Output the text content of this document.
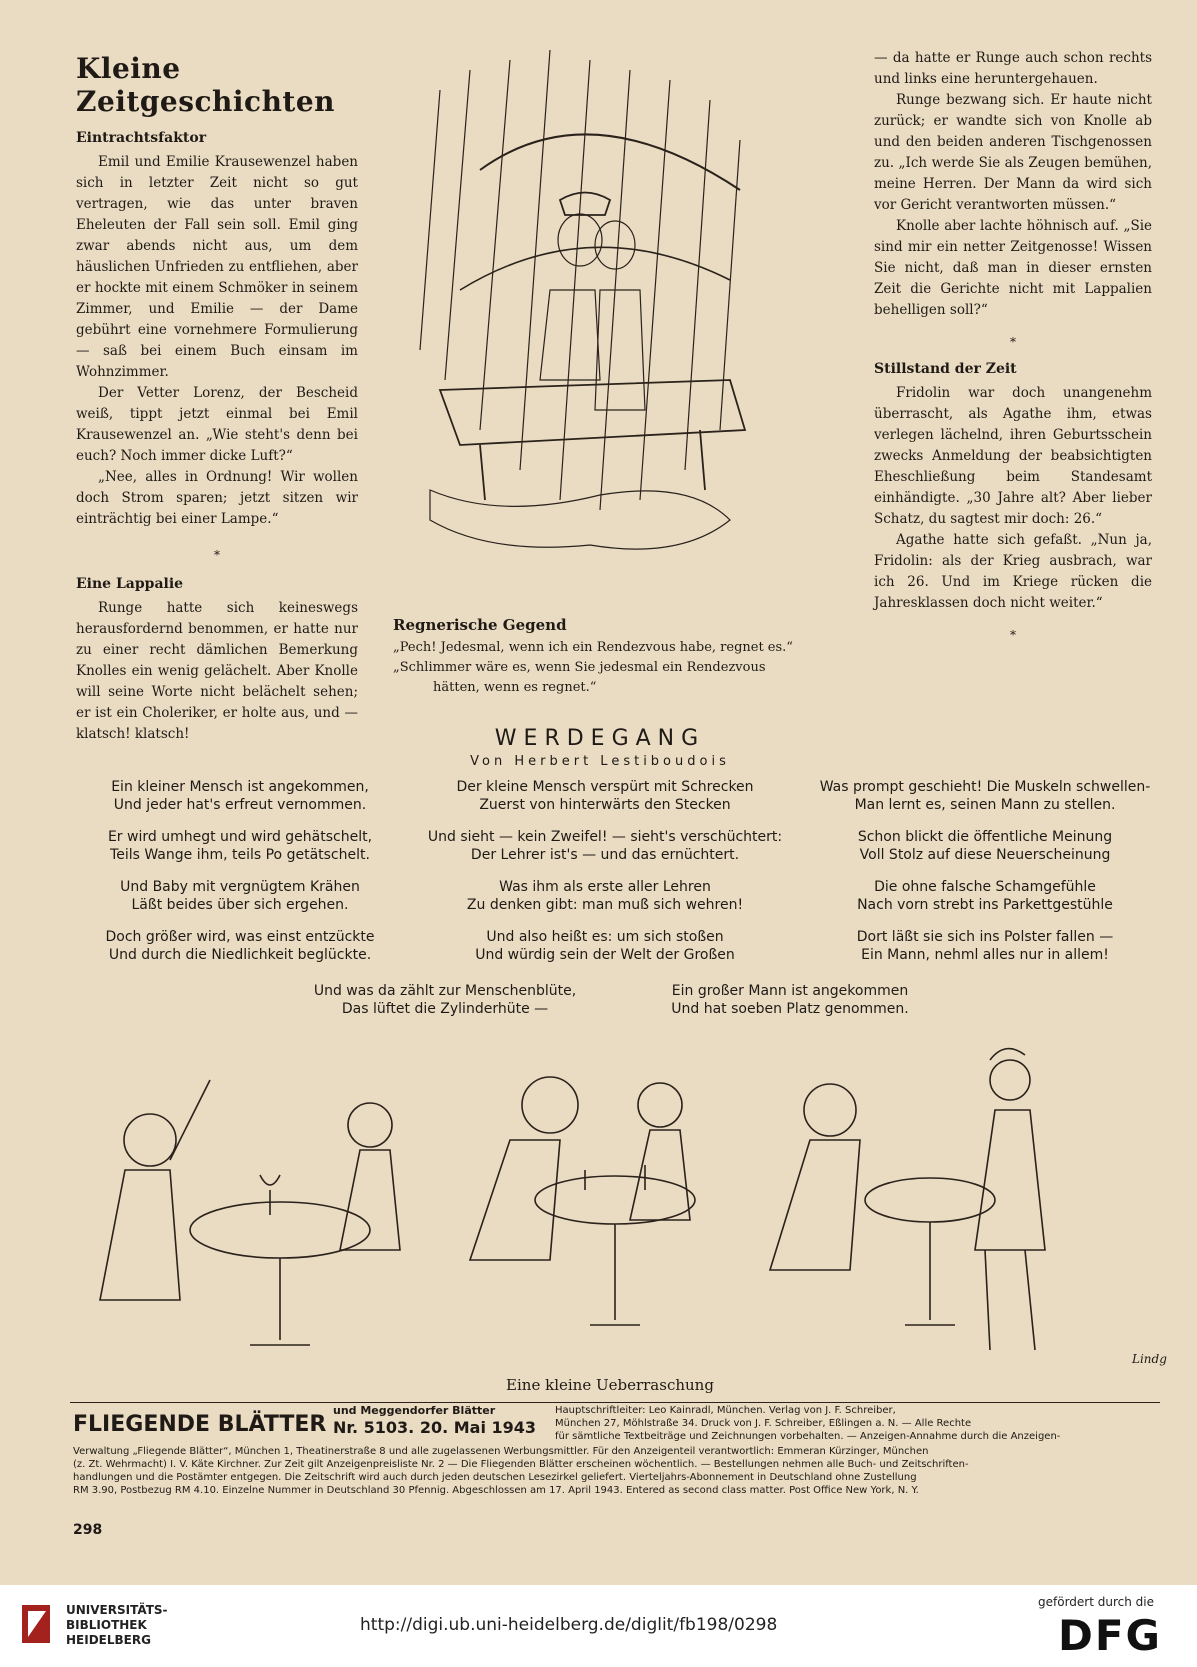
Kleine Zeitgeschichten

Eintrachtsfaktor

Emil und Emilie Krausewenzel haben sich in letzter Zeit nicht so gut vertragen, wie das unter braven Eheleuten der Fall sein soll. Emil ging zwar abends nicht aus, um dem häuslichen Unfrieden zu entfliehen, aber er hockte mit einem Schmöker in seinem Zimmer, und Emilie — der Dame gebührt eine vornehmere Formulierung — saß bei einem Buch einsam im Wohnzimmer.

Der Vetter Lorenz, der Bescheid weiß, tippt jetzt einmal bei Emil Krausewenzel an. „Wie steht's denn bei euch? Noch immer dicke Luft?“

„Nee, alles in Ordnung! Wir wollen doch Strom sparen; jetzt sitzen wir einträchtig bei einer Lampe.“

*

Eine Lappalie

Runge hatte sich keineswegs herausfordernd benommen, er hatte nur zu einer recht dämlichen Bemerkung Knolles ein wenig gelächelt. Aber Knolle will seine Worte nicht belächelt sehen; er ist ein Choleriker, er holte aus, und — klatsch! klatsch!

Regnerische Gegend

„Pech! Jedesmal, wenn ich ein Rendezvous habe, regnet es.“
„Schlimmer wäre es, wenn Sie jedesmal ein Rendezvous
hätten, wenn es regnet.“

— da hatte er Runge auch schon rechts und links eine heruntergehauen.

Runge bezwang sich. Er haute nicht zurück; er wandte sich von Knolle ab und den beiden anderen Tischgenossen zu. „Ich werde Sie als Zeugen bemühen, meine Herren. Der Mann da wird sich vor Gericht verantworten müssen.“

Knolle aber lachte höhnisch auf. „Sie sind mir ein netter Zeitgenosse! Wissen Sie nicht, daß man in dieser ernsten Zeit die Gerichte nicht mit Lappalien behelligen soll?“

*

Stillstand der Zeit

Fridolin war doch unangenehm überrascht, als Agathe ihm, etwas verlegen lächelnd, ihren Geburtsschein zwecks Anmeldung der beabsichtigten Eheschließung beim Standesamt einhändigte. „30 Jahre alt? Aber lieber Schatz, du sagtest mir doch: 26.“

Agathe hatte sich gefaßt. „Nun ja, Fridolin: als der Krieg ausbrach, war ich 26. Und im Kriege rücken die Jahresklassen doch nicht weiter.“

*
WERDEGANG
Von Herbert Lestiboudois
Ein kleiner Mensch ist angekommen,
Und jeder hat's erfreut vernommen.
Er wird umhegt und wird gehätschelt,
Teils Wange ihm, teils Po getätschelt.
Und Baby mit vergnügtem Krähen
Läßt beides über sich ergehen.
Doch größer wird, was einst entzückte
Und durch die Niedlichkeit beglückte.
Der kleine Mensch verspürt mit Schrecken
Zuerst von hinterwärts den Stecken
Und sieht — kein Zweifel! — sieht's verschüchtert:
Der Lehrer ist's — und das ernüchtert.
Was ihm als erste aller Lehren
Zu denken gibt: man muß sich wehren!
Und also heißt es: um sich stoßen
Und würdig sein der Welt der Großen
Was prompt geschieht! Die Muskeln schwellen-
Man lernt es, seinen Mann zu stellen.
Schon blickt die öffentliche Meinung
Voll Stolz auf diese Neuerscheinung
Die ohne falsche Schamgefühle
Nach vorn strebt ins Parkettgestühle
Dort läßt sie sich ins Polster fallen —
Ein Mann, nehml alles nur in allem!
Und was da zählt zur Menschenblüte,
Das lüftet die Zylinderhüte —
Ein großer Mann ist angekommen
Und hat soeben Platz genommen.
Eine kleine Ueberraschung
Lindg
FLIEGENDE BLÄTTER
und Meggendorfer Blätter
Nr. 5103. 20. Mai 1943
Hauptschriftleiter: Leo Kainradl, München. Verlag von J. F. Schreiber,
München 27, Möhlstraße 34. Druck von J. F. Schreiber, Eßlingen a. N. — Alle Rechte
für sämtliche Textbeiträge und Zeichnungen vorbehalten. — Anzeigen-Annahme durch die Anzeigen-
Verwaltung „Fliegende Blätter“, München 1, Theatinerstraße 8 und alle zugelassenen Werbungsmittler. Für den Anzeigenteil verantwortlich: Emmeran Kürzinger, München
(z. Zt. Wehrmacht) I. V. Käte Kirchner. Zur Zeit gilt Anzeigenpreisliste Nr. 2 — Die Fliegenden Blätter erscheinen wöchentlich. — Bestellungen nehmen alle Buch- und Zeitschriften-
handlungen und die Postämter entgegen. Die Zeitschrift wird auch durch jeden deutschen Lesezirkel geliefert. Vierteljahrs-Abonnement in Deutschland ohne Zustellung
RM 3.90, Postbezug RM 4.10. Einzelne Nummer in Deutschland 30 Pfennig. Abgeschlossen am 17. April 1943. Entered as second class matter. Post Office New York, N. Y.
298
UNIVERSITÄTS-
BIBLIOTHEK
HEIDELBERG
http://digi.ub.uni-heidelberg.de/diglit/fb198/0298
gefördert durch die
DFG
